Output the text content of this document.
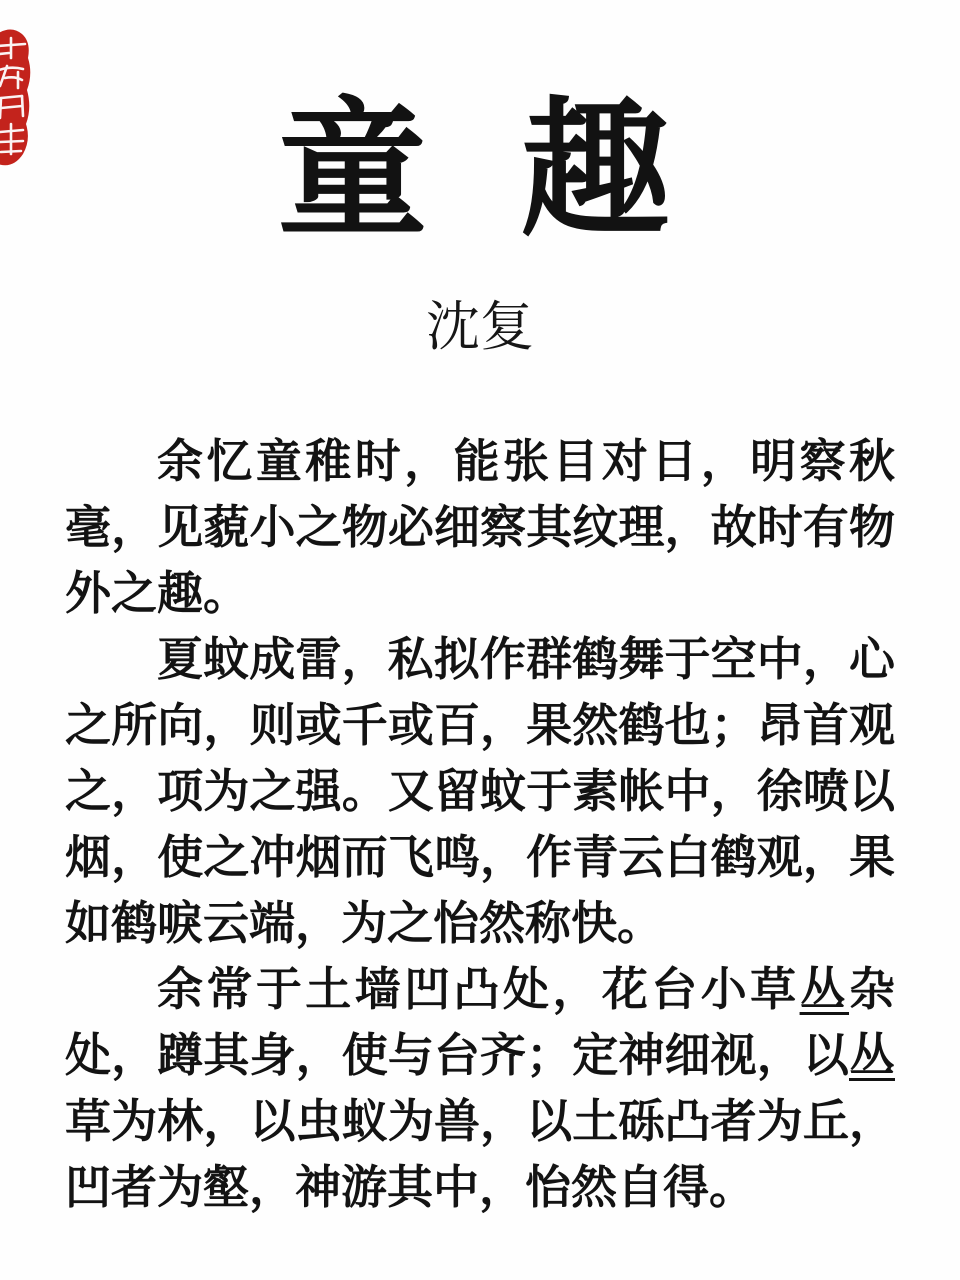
童 趣
沈复

余忆童稚时，能张目对日，明察秋毫，见藐小之物必细察其纹理，故时有物外之趣。

夏蚊成雷，私拟作群鹤舞于空中，心之所向，则或千或百，果然鹤也；昂首观之，项为之强。又留蚊于素帐中，徐喷以烟，使之冲烟而飞鸣，作青云白鹤观，果如鹤唳云端，为之怡然称快。

余常于土墙凹凸处，花台小草丛杂处，蹲其身，使与台齐；定神细视，以丛草为林，以虫蚁为兽，以土砾凸者为丘，凹者为壑，神游其中，怡然自得。
